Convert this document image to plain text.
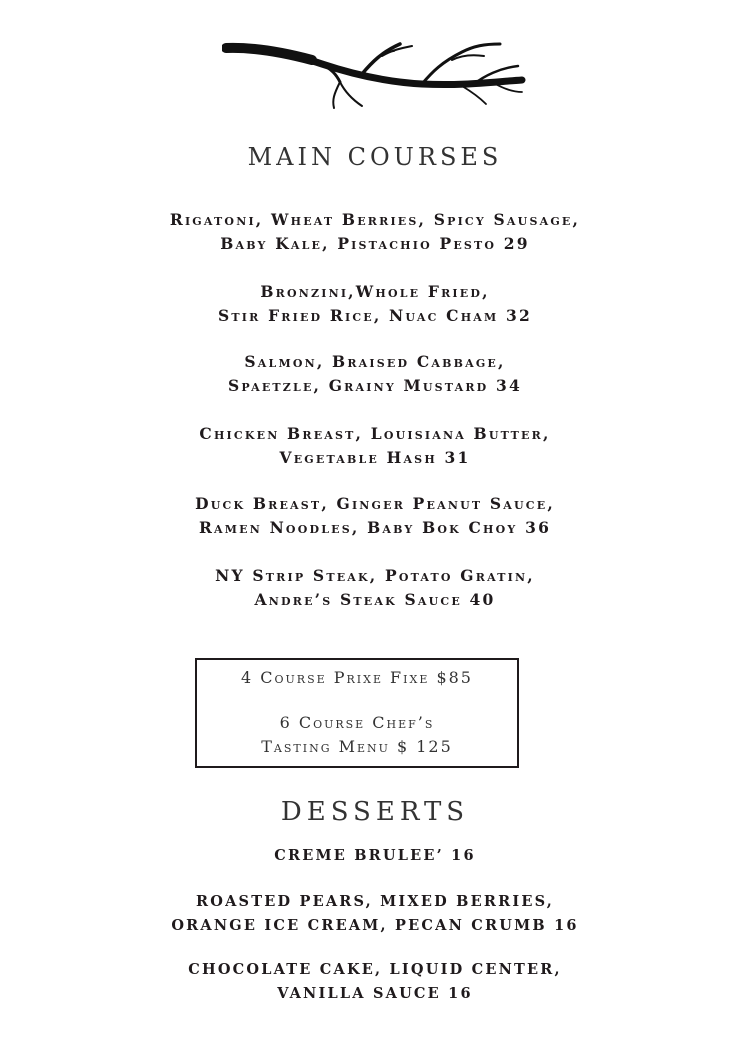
MAIN COURSES
Rigatoni, Wheat Berries, Spicy Sausage,
Baby Kale, Pistachio Pesto 29
Bronzini,Whole Fried,
Stir Fried Rice, Nuac Cham 32
Salmon, Braised Cabbage,
Spaetzle, Grainy Mustard 34
Chicken Breast, Louisiana Butter,
Vegetable Hash 31
Duck Breast, Ginger Peanut Sauce,
Ramen Noodles, Baby Bok Choy 36
NY Strip Steak, Potato Gratin,
Andre’s Steak Sauce 40
4 Course Prixe Fixe $85
6 Course Chef’s
Tasting Menu $ 125
DESSERTS
CREME BRULEE’ 16
ROASTED PEARS, MIXED BERRIES,
ORANGE ICE CREAM, PECAN CRUMB 16
CHOCOLATE CAKE, LIQUID CENTER,
VANILLA SAUCE 16
